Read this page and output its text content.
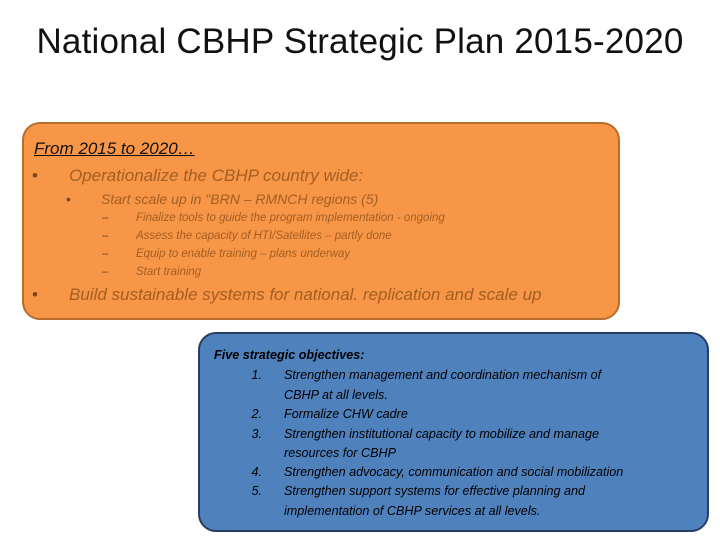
National CBHP Strategic Plan 2015-2020
From 2015 to 2020…
• Operationalize the CBHP country wide:
• Start scale up in "BRN – RMNCH regions (5)
– Finalize tools to guide the program implementation - ongoing
– Assess the capacity of HTI/Satellites – partly done
– Equip to enable training – plans underway
– Start training
• Build sustainable systems for national. replication and scale up
Five strategic objectives:
1. Strengthen management and coordination mechanism of
CBHP at all levels.
2. Formalize CHW cadre
3. Strengthen institutional capacity to mobilize and manage
resources for CBHP
4. Strengthen advocacy, communication and social mobilization
5. Strengthen support systems for effective planning and
implementation of CBHP services at all levels.
